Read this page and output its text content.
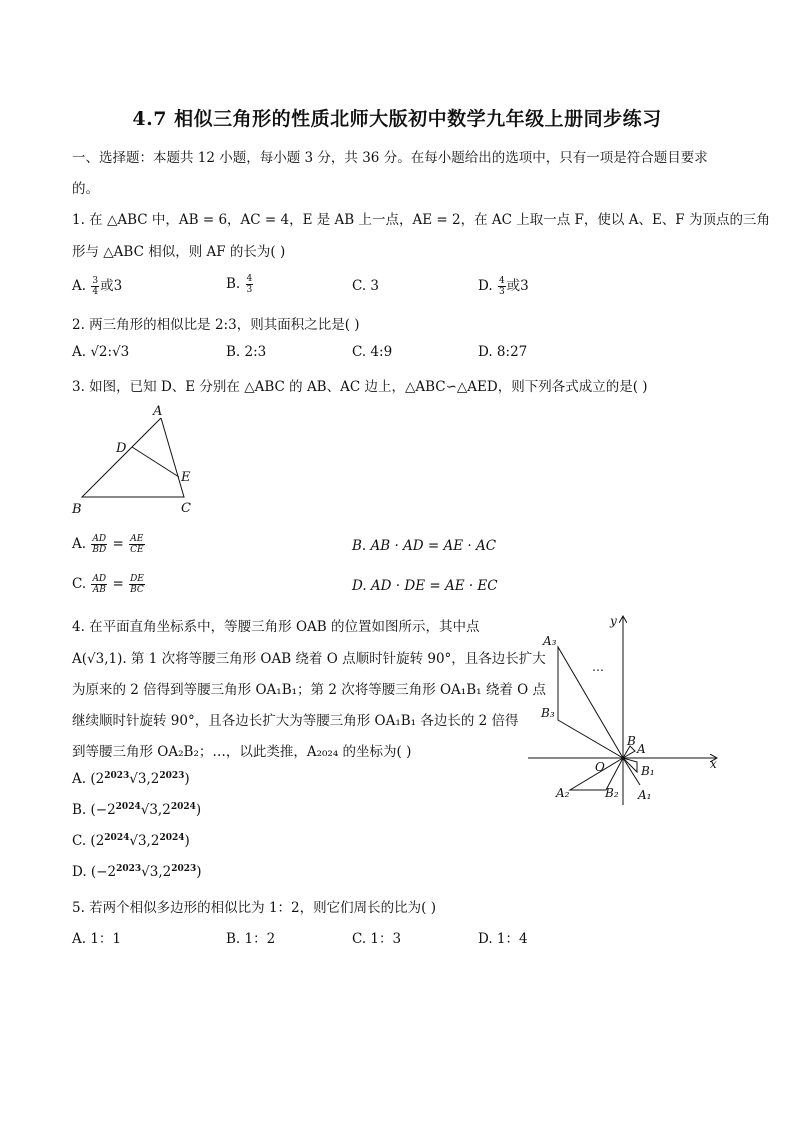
4.7 相似三角形的性质北师大版初中数学九年级上册同步练习
一、选择题：本题共 12 小题，每小题 3 分，共 36 分。在每小题给出的选项中，只有一项是符合题目要求
的。
1. 在 △ABC 中，AB = 6，AC = 4，E 是 AB 上一点，AE = 2，在 AC 上取一点 F，使以 A、E、F 为顶点的三角
形与 △ABC 相似，则 AF 的长为( )
A. $\frac{3}{4}$ 或3	B. $\frac{4}{3}$	C. 3	D. $\frac{4}{3}$ 或3
2. 两三角形的相似比是 2:3，则其面积之比是( )
A. √2:√3	B. 2:3	C. 4:9	D. 8:27
3. 如图，已知 D、E 分别在 △ABC 的 AB、AC 边上，△ABC∽△AED，则下列各式成立的是( )
A
B	C
D
E
A. $\frac{AD}{BD} = \frac{AE}{CE}$	B. AB · AD = AE · AC
C. $\frac{AD}{AB} = \frac{DE}{BC}$	D. AD · DE = AE · EC
4. 在平面直角坐标系中，等腰三角形 OAB 的位置如图所示，其中点
A(√3,1). 第 1 次将等腰三角形 OAB 绕着 O 点顺时针旋转 90°，且各边长扩大
为原来的 2 倍得到等腰三角形 OA₁B₁；第 2 次将等腰三角形 OA₁B₁ 绕着 O 点
继续顺时针旋转 90°，且各边长扩大为等腰三角形 OA₁B₁ 各边长的 2 倍得
到等腰三角形 OA₂B₂；…，以此类推，A₂₀₂₄ 的坐标为( )
A. $(2^{2023}√3,2^{2023})$
B. $(-2^{2024}√3,2^{2024})$
C. $(2^{2024}√3,2^{2024})$
D. $(-2^{2023}√3,2^{2023})$
y
x
O
A
B
A₁
B₁
A₂	B₂
A₃
B₃
…
5. 若两个相似多边形的相似比为 1：2，则它们周长的比为( )
A. 1：1	B. 1：2	C. 1：3	D. 1：4
